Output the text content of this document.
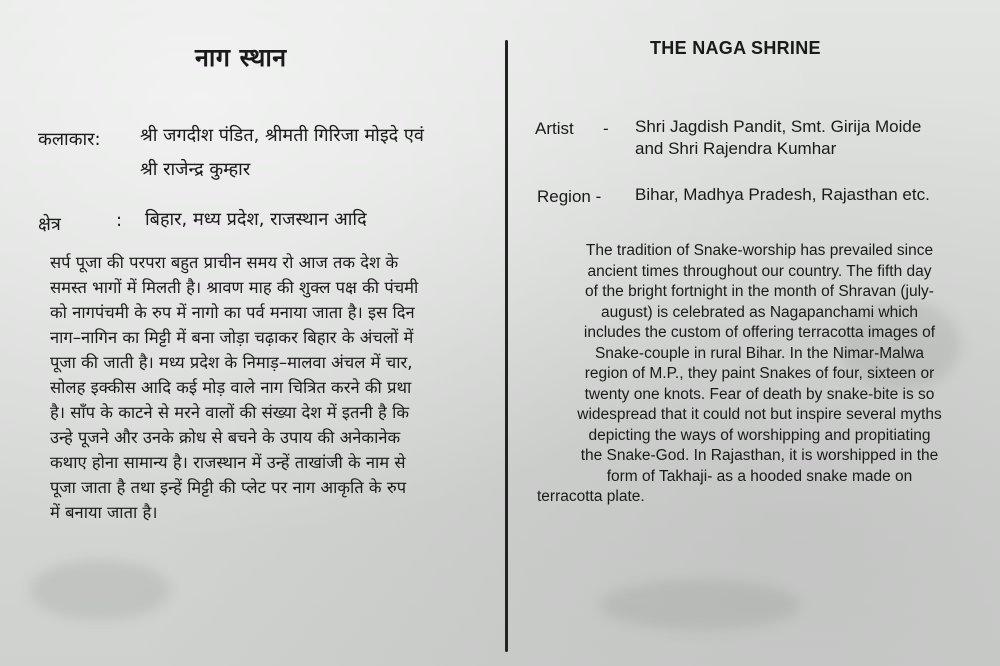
नाग स्थान
कलाकार: श्री जगदीश पंडित, श्रीमती गिरिजा मोइदे एवं
श्री राजेन्द्र कुम्हार
क्षेत्र	: बिहार, मध्य प्रदेश, राजस्थान आदि
सर्प पूजा की परपरा बहुत प्राचीन समय रो आज तक देश के
समस्त भागों में मिलती है। श्रावण माह की शुक्ल पक्ष की पंचमी
को नागपंचमी के रुप में नागो का पर्व मनाया जाता है। इस दिन
नाग–नागिन का मिट्टी में बना जोड़ा चढ़ाकर बिहार के अंचलों में
पूजा की जाती है। मध्य प्रदेश के निमाड़–मालवा अंचल में चार,
सोलह इक्कीस आदि कई मोड़ वाले नाग चित्रित करने की प्रथा
है। साँप के काटने से मरने वालों की संख्या देश में इतनी है कि
उन्हे पूजने और उनके क्रोध से बचने के उपाय की अनेकानेक
कथाए होना सामान्य है। राजस्थान में उन्हें ताखांजी के नाम से
पूजा जाता है तथा इन्हें मिट्टी की प्लेट पर नाग आकृति के रुप
में बनाया जाता है।
THE NAGA SHRINE
Artist - Shri Jagdish Pandit, Smt. Girija Moide
and Shri Rajendra Kumhar
Region - Bihar, Madhya Pradesh, Rajasthan etc.
The tradition of Snake-worship has prevailed since
ancient times throughout our country. The fifth day
of the bright fortnight in the month of Shravan (july-
august) is celebrated as Nagapanchami which
includes the custom of offering terracotta images of
Snake-couple in rural Bihar. In the Nimar-Malwa
region of M.P., they paint Snakes of four, sixteen or
twenty one knots. Fear of death by snake-bite is so
widespread that it could not but inspire several myths
depicting the ways of worshipping and propitiating
the Snake-God. In Rajasthan, it is worshipped in the
form of Takhaji- as a hooded snake made on
terracotta plate.
